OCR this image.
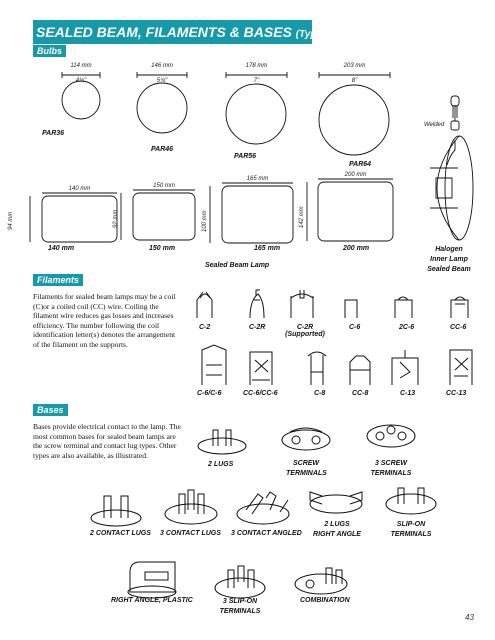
SEALED BEAM, FILAMENTS & BASES (Typical)
Bulbs
114 mm
4½"
146 mm
5¾"
178 mm
7"
203 mm
8"
PAR36
PAR46
PAR56
PAR64
Welded
140 mm	150 mm
165 mm
200 mm
94 mm	92 mm	100 mm	142 mm
140 mm	150 mm	165 mm	200 mm
Sealed Beam Lamp
Halogen
Inner Lamp
Sealed Beam
Filaments
Filaments for sealed beam lamps may be a coil (C)or a coiled coil (CC) wire. Coiling the filament wire reduces gas losses and increases efficiency. The number following the coil identification letter(s) denotes the arrangement of the filament on the supports.
C-2	C-2R	C-2R
(Supported)
C-6	2C-6	CC-6
C-6/C-6	CC-6/CC-6	C-8	CC-8	C-13	CC-13
Bases
Bases provide electrical contact to the lamp. The most common bases for sealed beam lamps are the screw terminal and contact lug types. Other types are also available, as illustrated.
2 LUGS	SCREW
TERMINALS
3 SCREW
TERMINALS
2 CONTACT LUGS 3 CONTACT LUGS 3 CONTACT ANGLED
2 LUGS
RIGHT ANGLE
SLIP-ON
TERMINALS
RIGHT ANGLE, PLASTIC	3 SLIP-ON
TERMINALS
COMBINATION
43
